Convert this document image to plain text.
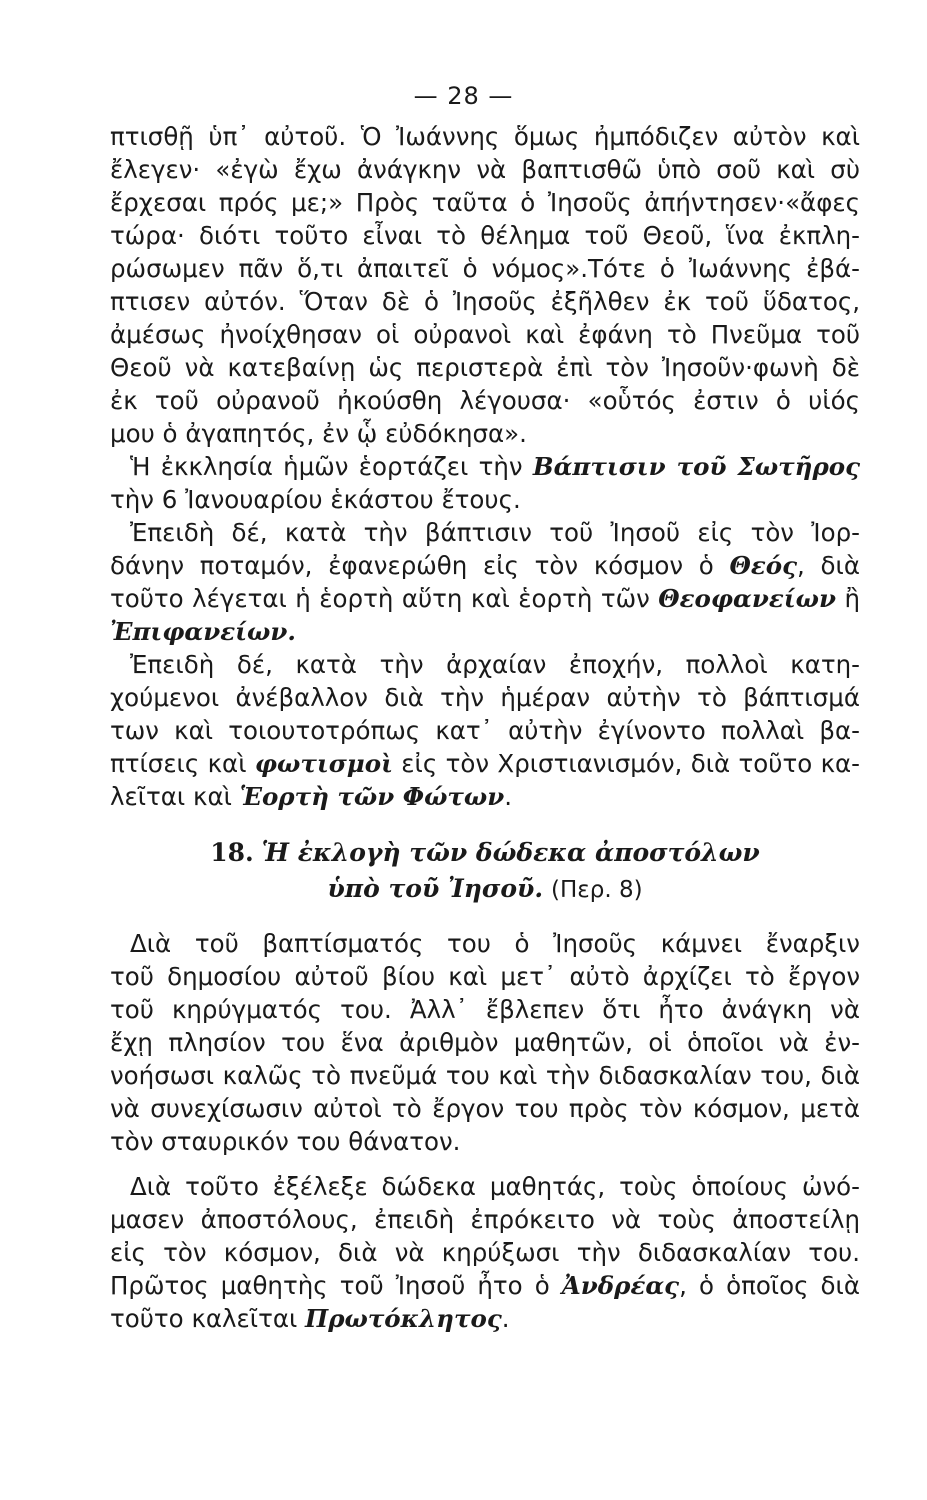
— 28 —
πτισθῇ ὑπ᾽ αὐτοῦ. Ὁ Ἰωάννης ὅμως ἠμπόδιζεν αὐτὸν καὶ
ἔλεγεν· «ἐγὼ ἔχω ἀνάγκην νὰ βαπτισθῶ ὑπὸ σοῦ καὶ σὺ
ἔρχεσαι πρός με;» Πρὸς ταῦτα ὁ Ἰησοῦς ἀπήντησεν·«ἄφες
τώρα· διότι τοῦτο εἶναι τὸ θέλημα τοῦ Θεοῦ, ἵνα ἐκπλη-
ρώσωμεν πᾶν ὅ,τι ἀπαιτεῖ ὁ νόμος».Τότε ὁ Ἰωάννης ἐβά-
πτισεν αὐτόν. Ὅταν δὲ ὁ Ἰησοῦς ἐξῆλθεν ἐκ τοῦ ὕδατος,
ἀμέσως ἠνοίχθησαν οἱ οὐρανοὶ καὶ ἐφάνη τὸ Πνεῦμα τοῦ
Θεοῦ νὰ κατεβαίνῃ ὡς περιστερὰ ἐπὶ τὸν Ἰησοῦν·φωνὴ δὲ
ἐκ τοῦ οὐρανοῦ ἠκούσθη λέγουσα· «οὗτός ἐστιν ὁ υἱός
μου ὁ ἀγαπητός, ἐν ᾧ εὐδόκησα».
Ἡ ἐκκλησία ἡμῶν ἑορτάζει τὴν Βάπτισιν τοῦ Σωτῆρος
τὴν 6 Ἰανουαρίου ἑκάστου ἔτους.
Ἐπειδὴ δέ, κατὰ τὴν βάπτισιν τοῦ Ἰησοῦ εἰς τὸν Ἰορ-
δάνην ποταμόν, ἐφανερώθη εἰς τὸν κόσμον ὁ Θεός, διὰ
τοῦτο λέγεται ἡ ἑορτὴ αὕτη καὶ ἑορτὴ τῶν Θεοφανείων ἢ
Ἐπιφανείων.
Ἐπειδὴ δέ, κατὰ τὴν ἀρχαίαν ἐποχήν, πολλοὶ κατη-
χούμενοι ἀνέβαλλον διὰ τὴν ἡμέραν αὐτὴν τὸ βάπτισμά
των καὶ τοιουτοτρόπως κατ᾽ αὐτὴν ἐγίνοντο πολλαὶ βα-
πτίσεις καὶ φωτισμοὶ εἰς τὸν Χριστιανισμόν, διὰ τοῦτο κα-
λεῖται καὶ Ἑορτὴ τῶν Φώτων.
18. Ἡ ἐκλογὴ τῶν δώδεκα ἀποστόλων
ὑπὸ τοῦ Ἰησοῦ. (Περ. 8)
Διὰ τοῦ βαπτίσματός του ὁ Ἰησοῦς κάμνει ἔναρξιν
τοῦ δημοσίου αὐτοῦ βίου καὶ μετ᾽ αὐτὸ ἀρχίζει τὸ ἔργον
τοῦ κηρύγματός του. Ἀλλ᾽ ἔβλεπεν ὅτι ἦτο ἀνάγκη νὰ
ἔχῃ πλησίον του ἕνα ἀριθμὸν μαθητῶν, οἱ ὁποῖοι νὰ ἐν-
νοήσωσι καλῶς τὸ πνεῦμά του καὶ τὴν διδασκαλίαν του, διὰ
νὰ συνεχίσωσιν αὐτοὶ τὸ ἔργον του πρὸς τὸν κόσμον, μετὰ
τὸν σταυρικόν του θάνατον.
Διὰ τοῦτο ἐξέλεξε δώδεκα μαθητάς, τοὺς ὁποίους ὠνό-
μασεν ἀποστόλους, ἐπειδὴ ἐπρόκειτο νὰ τοὺς ἀποστείλῃ
εἰς τὸν κόσμον, διὰ νὰ κηρύξωσι τὴν διδασκαλίαν του.
Πρῶτος μαθητὴς τοῦ Ἰησοῦ ἦτο ὁ Ἀνδρέας, ὁ ὁποῖος διὰ
τοῦτο καλεῖται Πρωτόκλητος.
